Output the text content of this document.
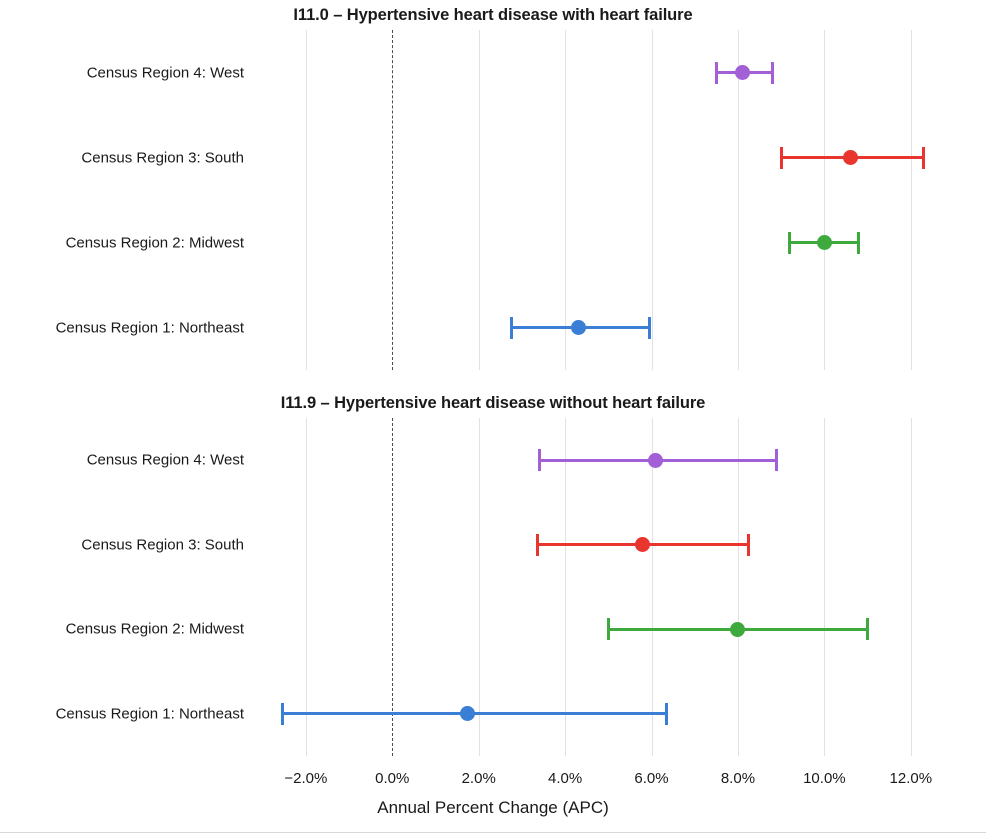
I11.0 – Hypertensive heart disease with heart failure
Census Region 4: West
Census Region 3: South
Census Region 2: Midwest
Census Region 1: Northeast
I11.9 – Hypertensive heart disease without heart failure
Census Region 4: West
Census Region 3: South
Census Region 2: Midwest
Census Region 1: Northeast
−2.0%	0.0%	2.0%	4.0%	6.0%	8.0%	10.0%	12.0%
Annual Percent Change (APC)
